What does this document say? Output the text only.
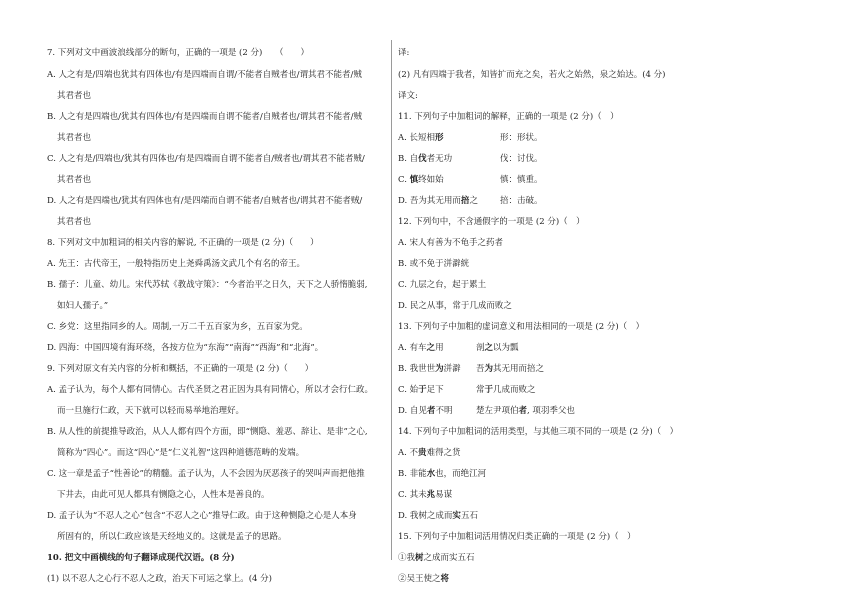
7. 下列对文中画波浪线部分的断句，正确的一项是 (2 分)　　（　　）
A. 人之有是/四端也犹其有四体也/有是四端而自谓/不能者自贼者也/谓其君不能者/贼
其君者也
B. 人之有是四端也/犹其有四体也/有是四端而自谓不能者/自贼者也/谓其君不能者/贼
其君者也
C. 人之有是/四端也/犹其有四体也/有是四端而自谓不能者自/贼者也/谓其君不能者贼/
其君者也
D. 人之有是四端也/犹其有四体也有/是四端而自谓不能者/自贼者也/谓其君不能者贼/
其君者也
8. 下列对文中加粗词的相关内容的解说, 不正确的一项是 (2 分)（　　）
A. 先王：古代帝王，一般特指历史上尧舜禹汤文武几个有名的帝王。
B. 孺子：儿童、幼儿。宋代苏轼《教战守策》：“今者治平之日久，天下之人骄惰脆弱,
如妇人孺子。”
C. 乡党：这里指同乡的人。周制,一万二千五百家为乡，五百家为党。
D. 四海：中国四境有海环绕，各按方位为“东海”“南海”“西海”和“北海”。
9. 下列对原文有关内容的分析和概括，不正确的一项是 (2 分)（　　）
A. 孟子认为，每个人都有同情心。古代圣贤之君正因为具有同情心，所以才会行仁政。
而一旦施行仁政，天下就可以轻而易举地治理好。
B. 从人性的前提推导政治，从人人都有四个方面，即“恻隐、羞恶、辞让、是非”之心,
简称为“四心”。而这“四心”是“仁义礼智”这四种道德范畴的发端。
C. 这一章是孟子“性善论”的精髓。孟子认为，人不会因为厌恶孩子的哭叫声而把他推
下井去，由此可见人都具有恻隐之心，人性本是善良的。
D. 孟子认为“不忍人之心”包含“不忍人之心”推导仁政。由于这种恻隐之心是人本身
所固有的，所以仁政应该是天经地义的。这就是孟子的思路。
10. 把文中画横线的句子翻译成现代汉语。(8 分)
(1) 以不忍人之心行不忍人之政，治天下可运之掌上。(4 分)
译:
(2) 凡有四端于我者，知皆扩而充之矣，若火之始然，泉之始达。(4 分)
译文:
11. 下列句子中加粗词的解释，正确的一项是 (2 分)（　）
A. 长短相形	形：形状。
B. 自伐者无功	伐：讨伐。
C. 慎终如始	慎：慎重。
D. 吾为其无用而掊之	掊：击破。
12. 下列句中，不含通假字的一项是 (2 分)（　）
A. 宋人有善为不龟手之药者
B. 或不免于洴澼絖
C. 九层之台，起于累土
D. 民之从事，常于几成而败之
13. 下列句子中加粗的虚词意义和用法相同的一项是 (2 分)（　）
A. 有车之用	剖之以为瓢
B. 我世世为洴澼 吾为其无用而掊之
C. 始于足下	常于几成而败之
D. 自见者不明	楚左尹项伯者, 项羽季父也
14. 下列句子中加粗词的活用类型，与其他三项不同的一项是 (2 分)（　）
A. 不贵难得之货
B. 非能水也，而绝江河
C. 其未兆易谋
D. 我树之成而实五石
15. 下列句子中加粗词活用情况归类正确的一项是 (2 分)（　）
①我树之成而实五石
②吴王使之将
